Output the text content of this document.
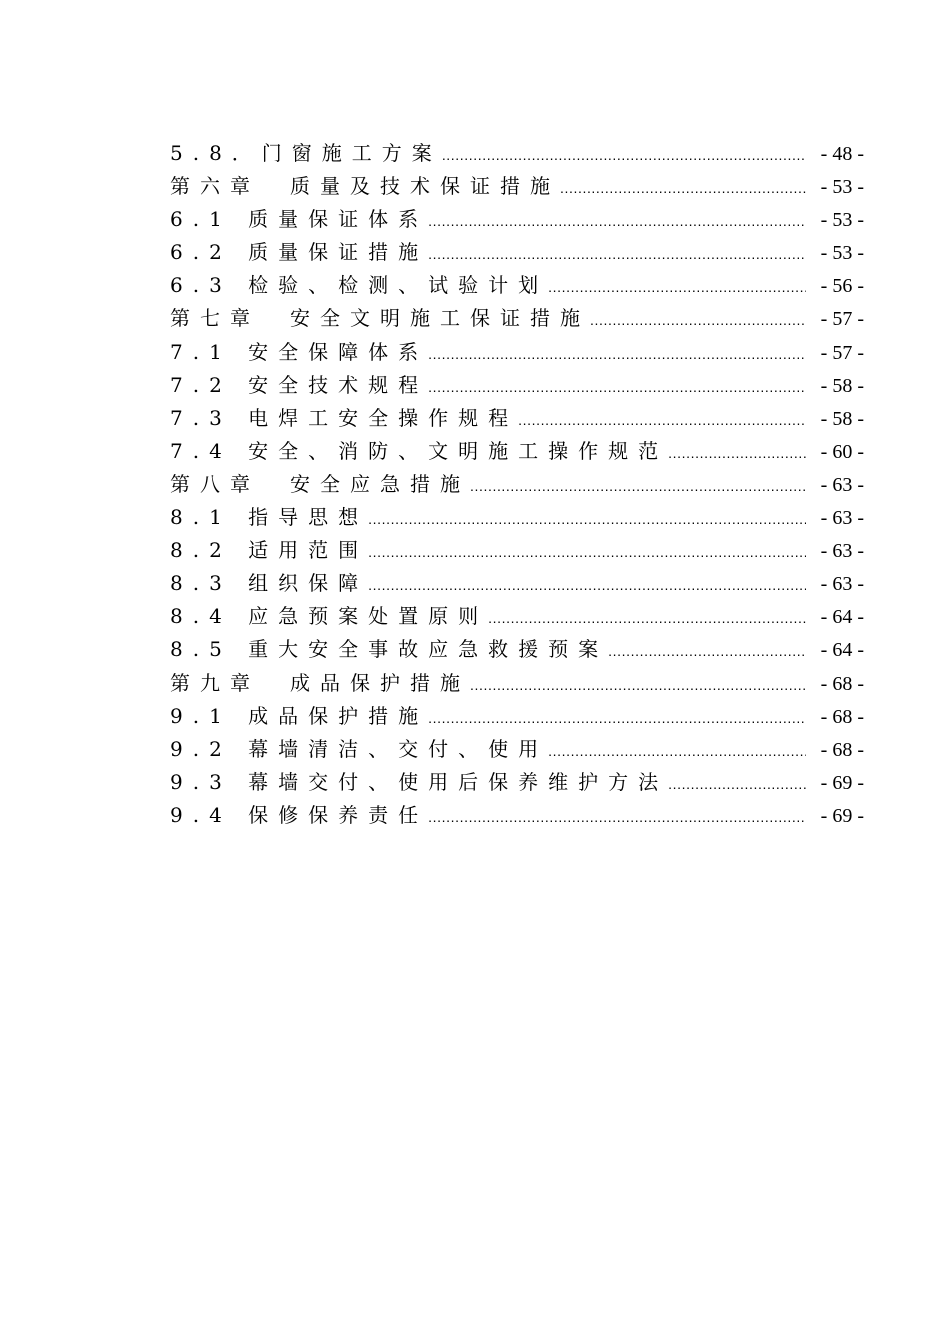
5.8．门窗施工方案 .....	- 48 -
第六章　质量及技术保证措施 .....	- 53 -
6.1 质量保证体系 .....	- 53 -
6.2 质量保证措施 .....	- 53 -
6.3 检验、检测、试验计划 .....	- 56 -
第七章　安全文明施工保证措施 .....	- 57 -
7.1 安全保障体系 .....	- 57 -
7.2 安全技术规程 .....	- 58 -
7.3 电焊工安全操作规程 .....	- 58 -
7.4 安全、消防、文明施工操作规范 .....	- 60 -
第八章　安全应急措施 .....	- 63 -
8.1 指导思想 .....	- 63 -
8.2 适用范围 .....	- 63 -
8.3 组织保障 .....	- 63 -
8.4 应急预案处置原则 .....	- 64 -
8.5 重大安全事故应急救援预案 .....	- 64 -
第九章　成品保护措施 .....	- 68 -
9.1 成品保护措施 .....	- 68 -
9.2 幕墙清洁、交付、使用 .....	- 68 -
9.3 幕墙交付、使用后保养维护方法 .....	- 69 -
9.4 保修保养责任 .....	- 69 -
